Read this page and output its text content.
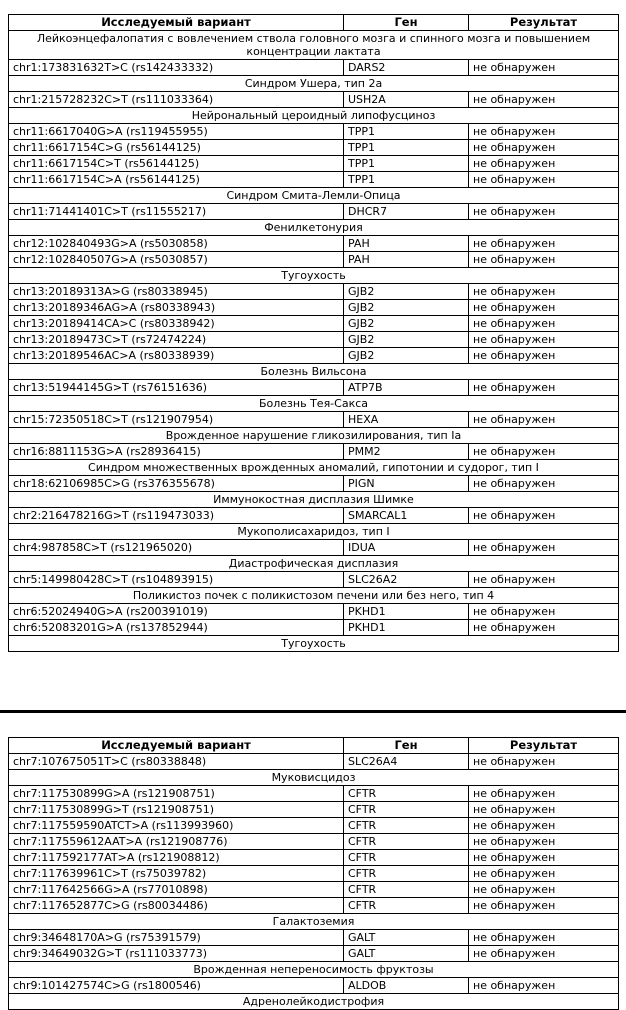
Исследуемый вариант	Ген	Результат
Лейкоэнцефалопатия с вовлечением ствола головного мозга и спинного мозга и повышением концентрации лактата		
chr1:173831632T>C (rs142433332)	DARS2	не обнаружен
Синдром Ушера, тип 2a		
chr1:215728232C>T (rs111033364)	USH2A	не обнаружен
Нейрональный цероидный липофусциноз		
chr11:6617040G>A (rs119455955)	TPP1	не обнаружен
chr11:6617154C>G (rs56144125)	TPP1	не обнаружен
chr11:6617154C>T (rs56144125)	TPP1	не обнаружен
chr11:6617154C>A (rs56144125)	TPP1	не обнаружен
Синдром Смита-Лемли-Опица		
chr11:71441401C>T (rs11555217)	DHCR7	не обнаружен
Фенилкетонурия		
chr12:102840493G>A (rs5030858)	PAH	не обнаружен
chr12:102840507G>A (rs5030857)	PAH	не обнаружен
Тугоухость		
chr13:20189313A>G (rs80338945)	GJB2	не обнаружен
chr13:20189346AG>A (rs80338943)	GJB2	не обнаружен
chr13:20189414CA>C (rs80338942)	GJB2	не обнаружен
chr13:20189473C>T (rs72474224)	GJB2	не обнаружен
chr13:20189546AC>A (rs80338939)	GJB2	не обнаружен
Болезнь Вильсона		
chr13:51944145G>T (rs76151636)	ATP7B	не обнаружен
Болезнь Тея-Сакса		
chr15:72350518C>T (rs121907954)	HEXA	не обнаружен
Врожденное нарушение гликозилирования, тип Ia		
chr16:8811153G>A (rs28936415)	PMM2	не обнаружен
Синдром множественных врожденных аномалий, гипотонии и судорог, тип I		
chr18:62106985C>G (rs376355678)	PIGN	не обнаружен
Иммунокостная дисплазия Шимке		
chr2:216478216G>T (rs119473033)	SMARCAL1	не обнаружен
Мукополисахаридоз, тип I		
chr4:987858C>T (rs121965020)	IDUA	не обнаружен
Диастрофическая дисплазия		
chr5:149980428C>T (rs104893915)	SLC26A2	не обнаружен
Поликистоз почек с поликистозом печени или без него, тип 4		
chr6:52024940G>A (rs200391019)	PKHD1	не обнаружен
chr6:52083201G>A (rs137852944)	PKHD1	не обнаружен
Тугоухость		
Исследуемый вариант	Ген	Результат
chr7:107675051T>C (rs80338848)	SLC26A4	не обнаружен
Муковисцидоз		
chr7:117530899G>A (rs121908751)	CFTR	не обнаружен
chr7:117530899G>T (rs121908751)	CFTR	не обнаружен
chr7:117559590ATCT>A (rs113993960)	CFTR	не обнаружен
chr7:117559612AAT>A (rs121908776)	CFTR	не обнаружен
chr7:117592177AT>A (rs121908812)	CFTR	не обнаружен
chr7:117639961C>T (rs75039782)	CFTR	не обнаружен
chr7:117642566G>A (rs77010898)	CFTR	не обнаружен
chr7:117652877C>G (rs80034486)	CFTR	не обнаружен
Галактоземия		
chr9:34648170A>G (rs75391579)	GALT	не обнаружен
chr9:34649032G>T (rs111033773)	GALT	не обнаружен
Врожденная непереносимость фруктозы		
chr9:101427574C>G (rs1800546)	ALDOB	не обнаружен
Адренолейкодистрофия		
